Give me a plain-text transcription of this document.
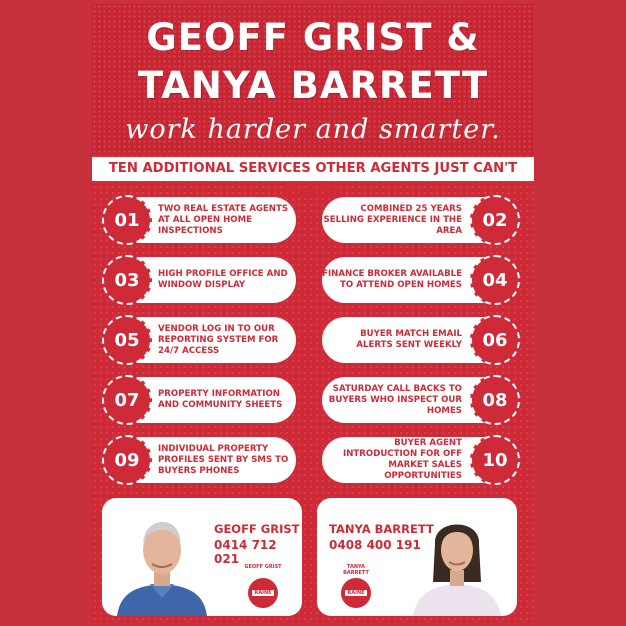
GEOFF GRIST &
TANYA BARRETT
work harder and smarter.
TEN ADDITIONAL SERVICES OTHER AGENTS JUST CAN'T MATCH.
TWO REAL ESTATE AGENTS AT ALL OPEN HOME INSPECTIONS
01
COMBINED 25 YEARS SELLING EXPERIENCE IN THE AREA	02
HIGH PROFILE OFFICE AND WINDOW DISPLAY
03	FINANCE BROKER AVAILABLE TO ATTEND OPEN HOMES	04
VENDOR LOG IN TO OUR REPORTING SYSTEM FOR 24/7 ACCESS
05	BUYER MATCH EMAIL ALERTS SENT WEEKLY	06
PROPERTY INFORMATION AND COMMUNITY SHEETS
07
SATURDAY CALL BACKS TO BUYERS WHO INSPECT OUR HOMES	08
INDIVIDUAL PROPERTY PROFILES SENT BY SMS TO BUYERS PHONES
09
BUYER AGENT INTRODUCTION FOR OFF MARKET SALES OPPORTUNITIES
10
GEOFF GRIST
0414 712 021
GEOFF GRIST
RAINE
TANYA BARRETT
0408 400 191
TANYA BARRETT
RAINE
